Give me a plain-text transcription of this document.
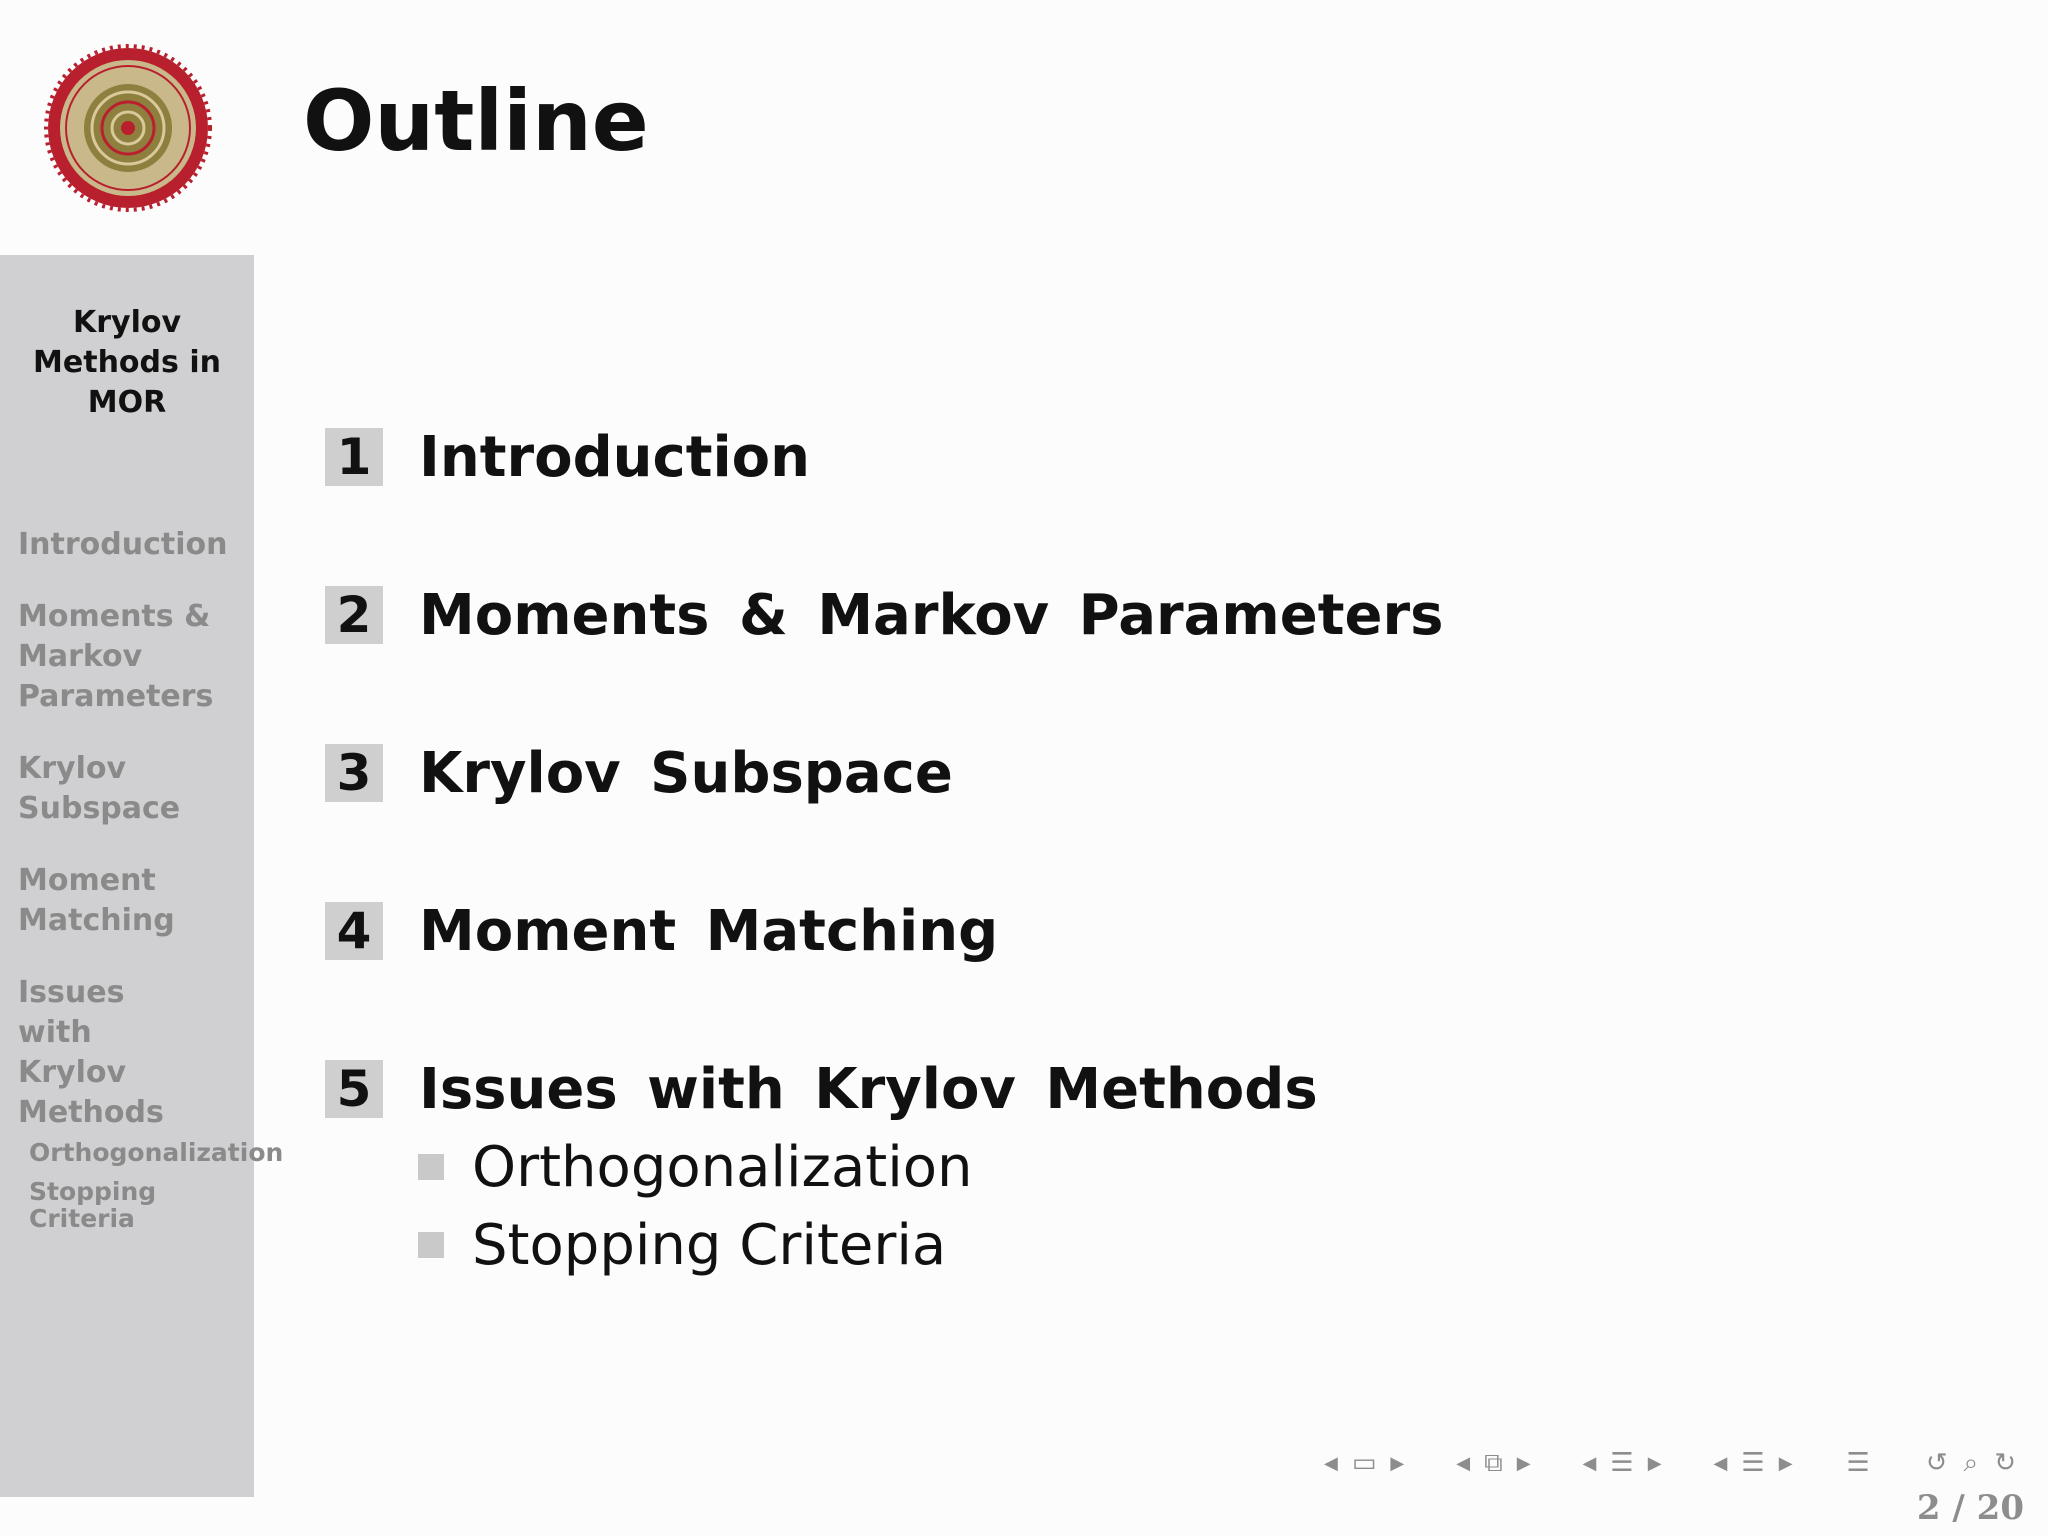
Outline
Krylov Methods in MOR
Introduction
Moments & Markov Parameters
Krylov Subspace
Moment Matching
Issues with Krylov Methods
Orthogonalization
Stopping Criteria
1 Introduction
2 Moments & Markov Parameters
3 Krylov Subspace
4 Moment Matching
5 Issues with Krylov Methods
Orthogonalization
Stopping Criteria
◀ ▭ ▶	◀ ⧉ ▶	◀ ☰ ▶	◀ ☰ ▶ ☰ ↺ ⌕ ↻
2 / 20
